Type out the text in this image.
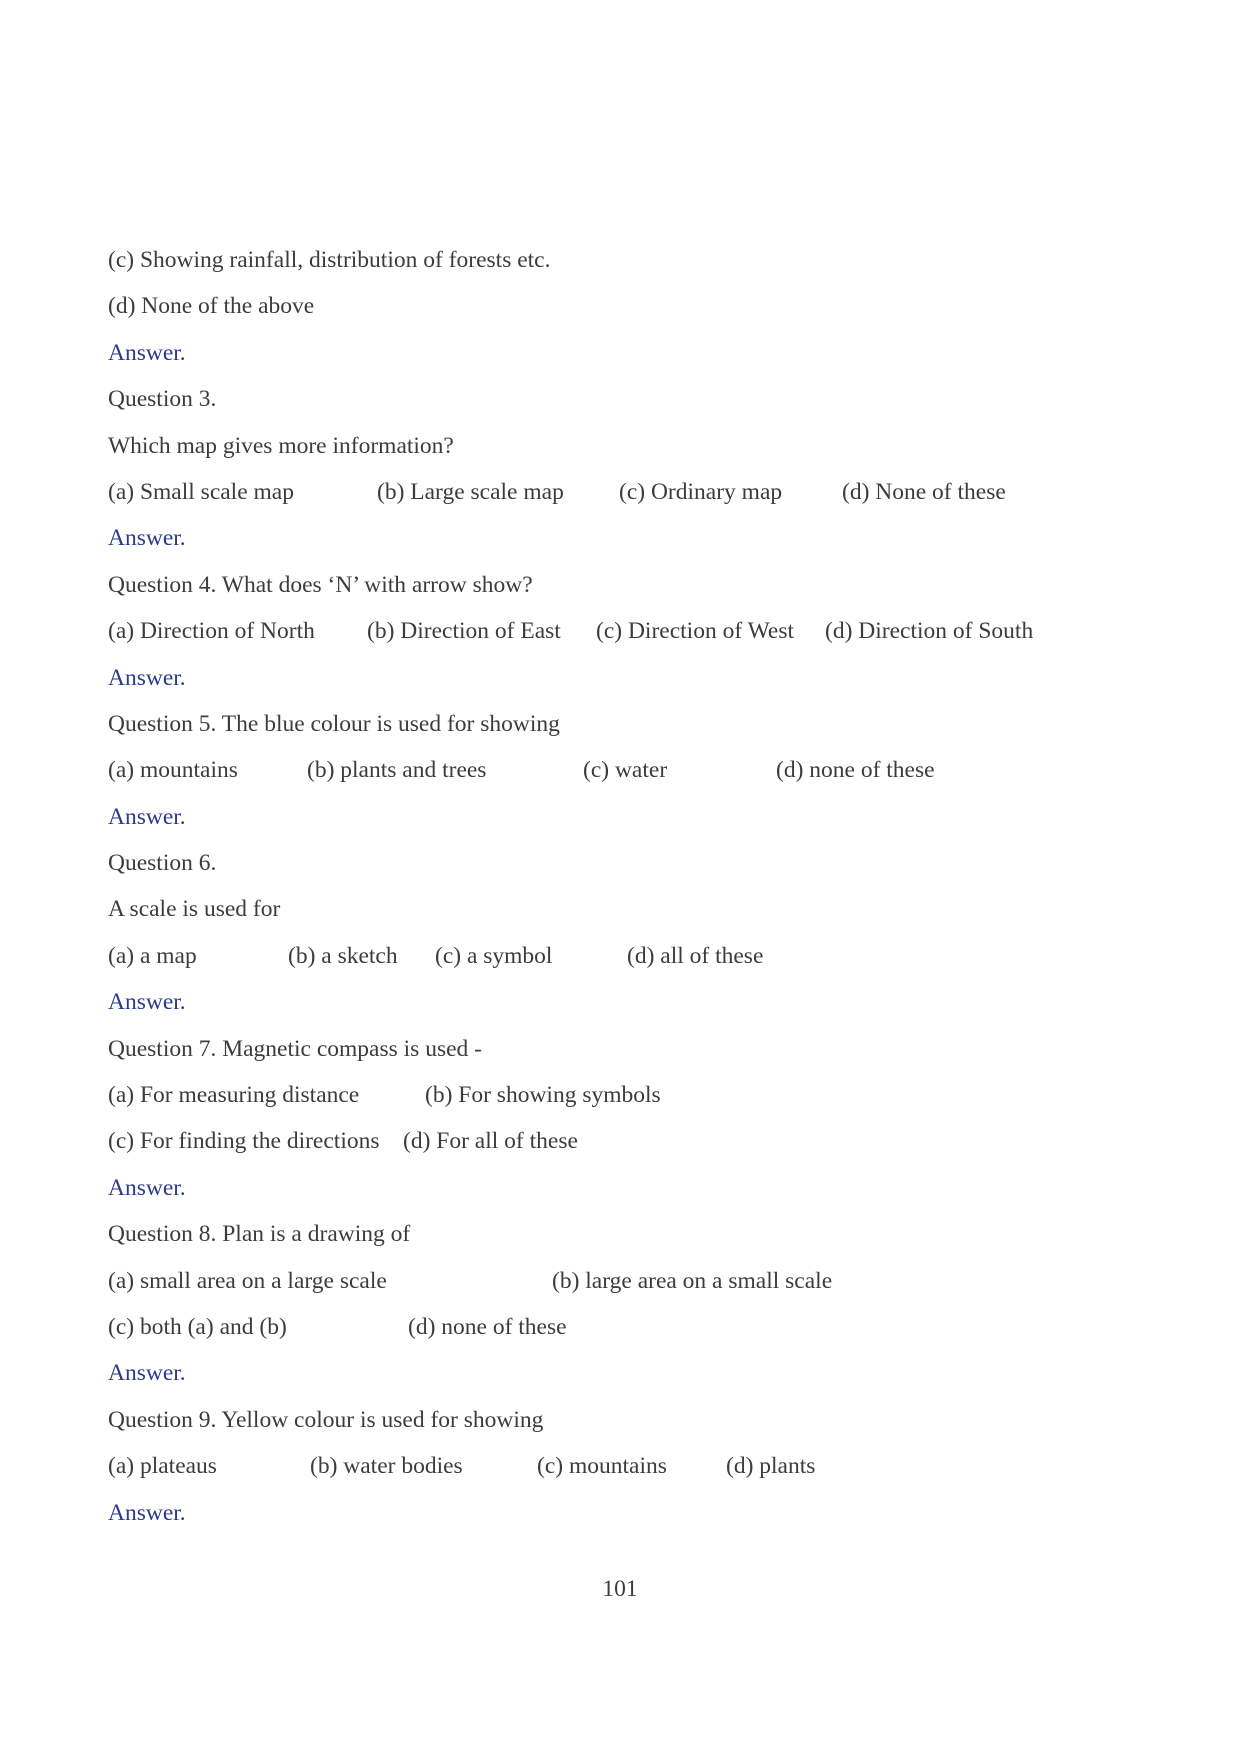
(c) Showing rainfall, distribution of forests etc.
(d) None of the above
Answer.
Question 3.
Which map gives more information?
(a) Small scale map	(b) Large scale map (c) Ordinary map	(d) None of these
Answer.
Question 4. What does ‘N’ with arrow show?
(a) Direction of North (b) Direction of East (c) Direction of West (d) Direction of South
Answer.
Question 5. The blue colour is used for showing
(a) mountains	(b) plants and trees	(c) water	(d) none of these
Answer.
Question 6.
A scale is used for
(a) a map	(b) a sketch (c) a symbol	(d) all of these
Answer.
Question 7. Magnetic compass is used -
(a) For measuring distance	(b) For showing symbols
(c) For finding the directions (d) For all of these
Answer.
Question 8. Plan is a drawing of
(a) small area on a large scale	(b) large area on a small scale
(c) both (a) and (b)	(d) none of these
Answer.
Question 9. Yellow colour is used for showing
(a) plateaus	(b) water bodies	(c) mountains	(d) plants
Answer.
101
